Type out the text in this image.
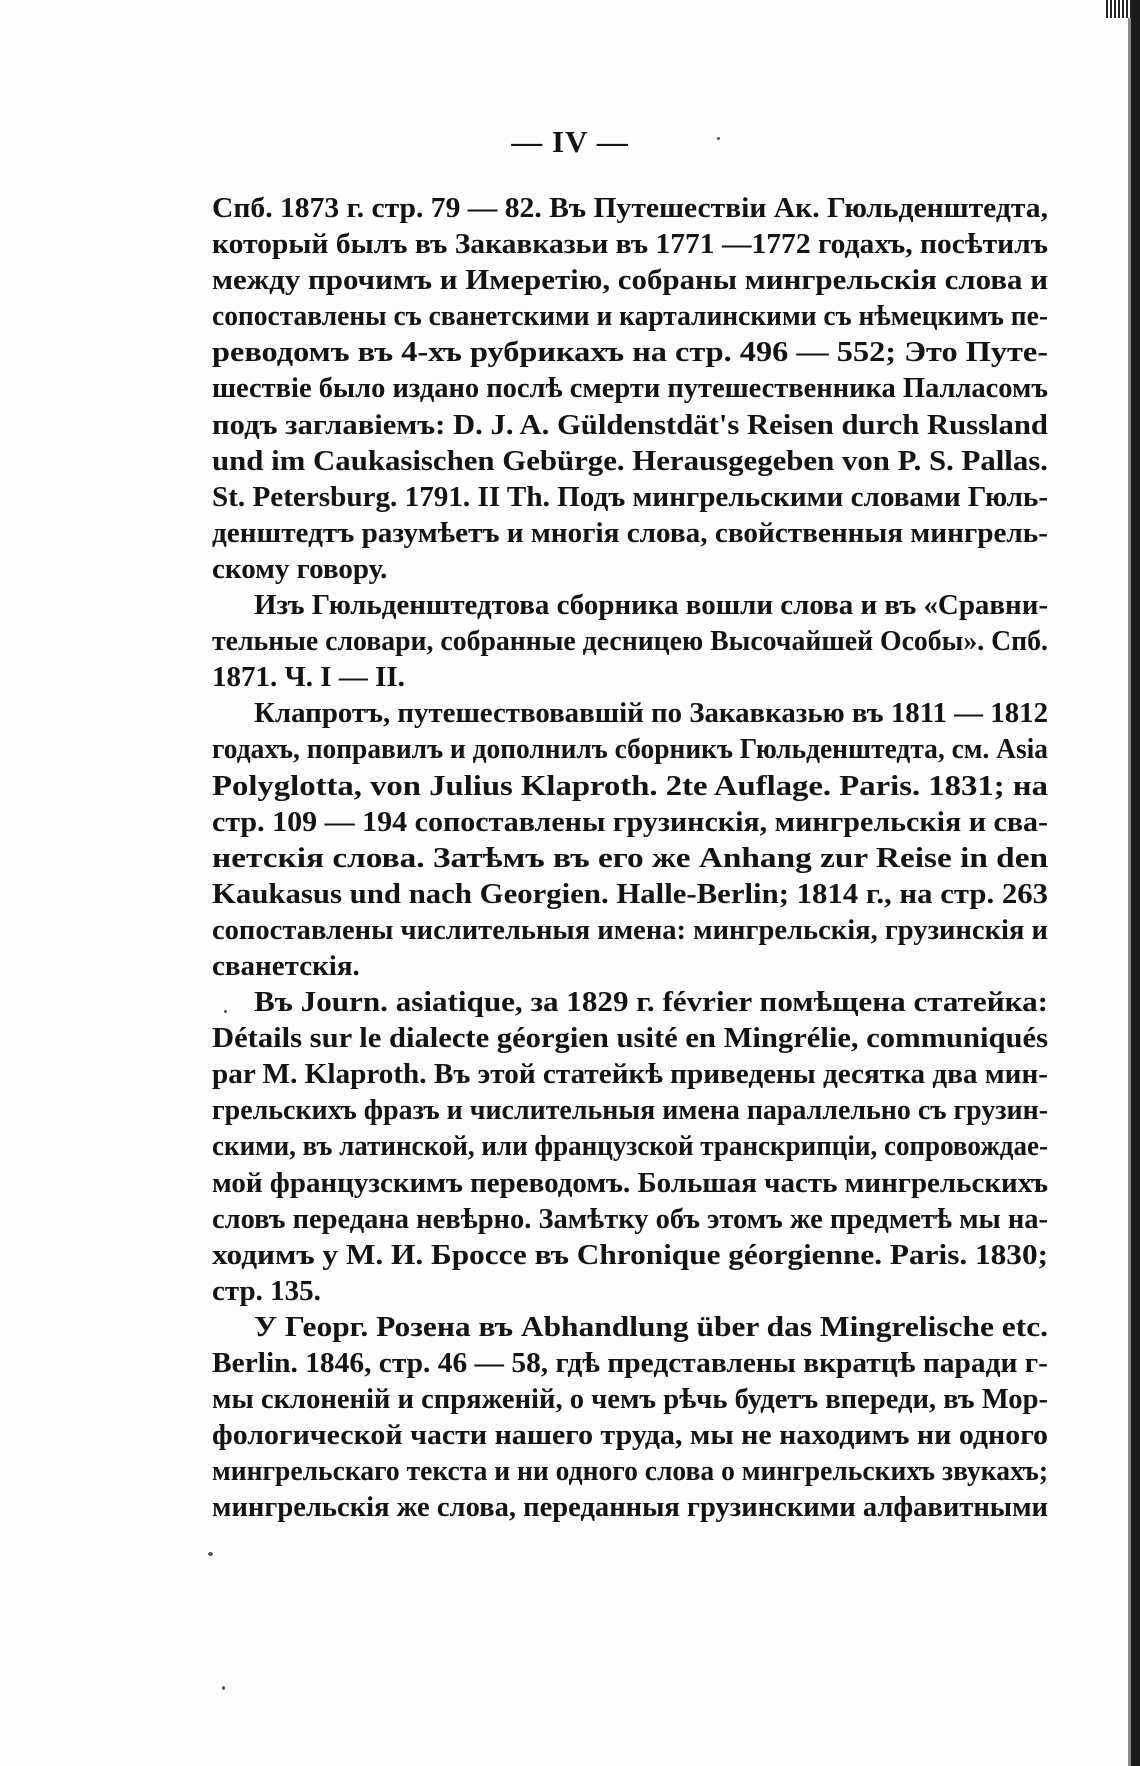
— IV —
Спб. 1873 г. стр. 79 — 82. Въ Путешествіи Ак. Гюльденштедта,
который былъ въ Закавказьи въ 1771 —1772 годахъ, посѣтилъ
между прочимъ и Имеретію, собраны мингрельскія слова и
сопоставлены съ сванетскими и карталинскими съ нѣмецкимъ пе-
реводомъ въ 4-хъ рубрикахъ на стр. 496 — 552; Это Путе-
шествіе было издано послѣ смерти путешественника Палласомъ
подъ заглавіемъ: D. J. A. Güldenstdät's Reisen durch Russland
und im Caukasischen Gebürge. Herausgegeben von P. S. Pallas.
St. Petersburg. 1791. II Th. Подъ мингрельскими словами Гюль-
денштедтъ разумѣетъ и многія слова, свойственныя мингрель-
скому говору.
Изъ Гюльденштедтова сборника вошли слова и въ «Сравни-
тельные словари, собранные десницею Высочайшей Особы». Спб.
1871. Ч. I — II.
Клапротъ, путешествовавшій по Закавказью въ 1811 — 1812
годахъ, поправилъ и дополнилъ сборникъ Гюльденштедта, см. Asia
Polyglotta, von Julius Klaproth. 2te Auflage. Paris. 1831; на
стр. 109 — 194 сопоставлены грузинскія, мингрельскія и сва-
нетскія слова. Затѣмъ въ его же Anhang zur Reise in den
Kaukasus und nach Georgien. Halle-Berlin; 1814 г., на стр. 263
сопоставлены числительныя имена: мингрельскія, грузинскія и
сванетскія.
Въ Journ. asiatique, за 1829 г. février помѣщена статейка:
Détails sur le dialecte géorgien usité en Mingrélie, communiqués
par M. Klaproth. Въ этой статейкѣ приведены десятка два мин-
грельскихъ фразъ и числительныя имена параллельно съ грузин-
скими, въ латинской, или французской транскрипціи, сопровождае-
мой французскимъ переводомъ. Большая часть мингрельскихъ
словъ передана невѣрно. Замѣтку объ этомъ же предметѣ мы на-
ходимъ у М. И. Броссе въ Chronique géorgienne. Paris. 1830;
стр. 135.
У Георг. Розена въ Abhandlung über das Mingrelische etc.
Berlin. 1846, стр. 46 — 58, гдѣ представлены вкратцѣ паради г-
мы склоненій и спряженій, о чемъ рѣчь будетъ впереди, въ Мор-
фологической части нашего труда, мы не находимъ ни одного
мингрельскаго текста и ни одного слова о мингрельскихъ звукахъ;
мингрельскія же слова, переданныя грузинскими алфавитными
